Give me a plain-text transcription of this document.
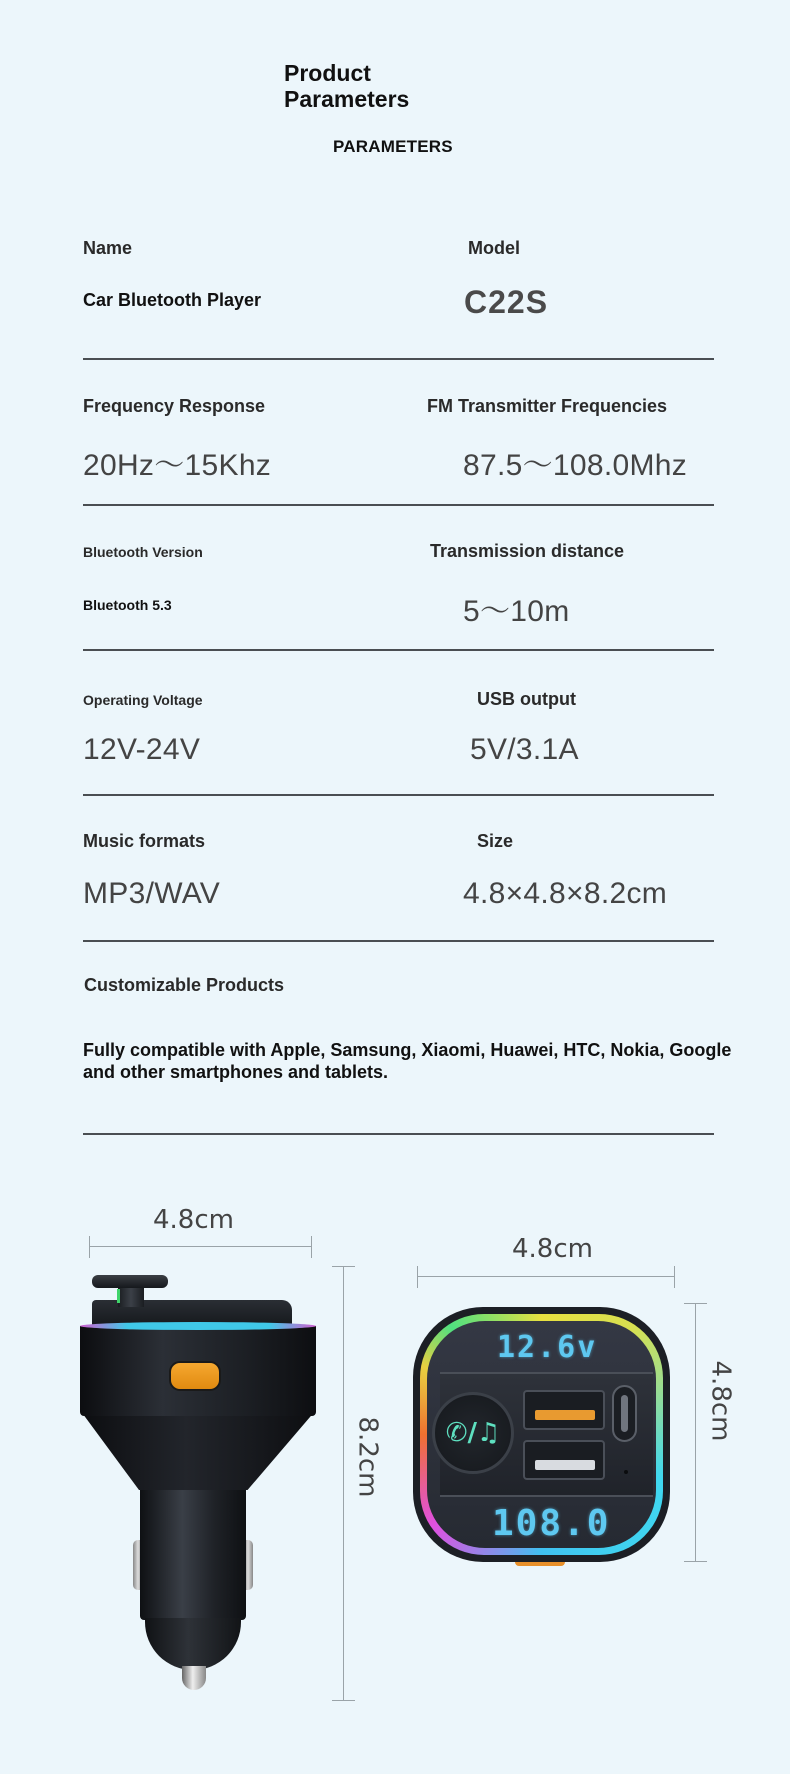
Product Parameters
PARAMETERS
Name	Model
Car Bluetooth Player	C22S
Frequency Response	FM Transmitter Frequencies
20Hz～15Khz	87.5～108.0Mhz
Bluetooth Version	Transmission distance
Bluetooth 5.3	5～10m
Operating Voltage	USB output
12V-24V	5V/3.1A
Music formats	Size
MP3/WAV	4.8×4.8×8.2cm
Customizable Products
Fully compatible with Apple, Samsung, Xiaomi, Huawei, HTC, Nokia, Google and other smartphones and tablets.
4.8cm
8.2cm
4.8cm
4.8cm
12.6v
✆/♫
108.0
